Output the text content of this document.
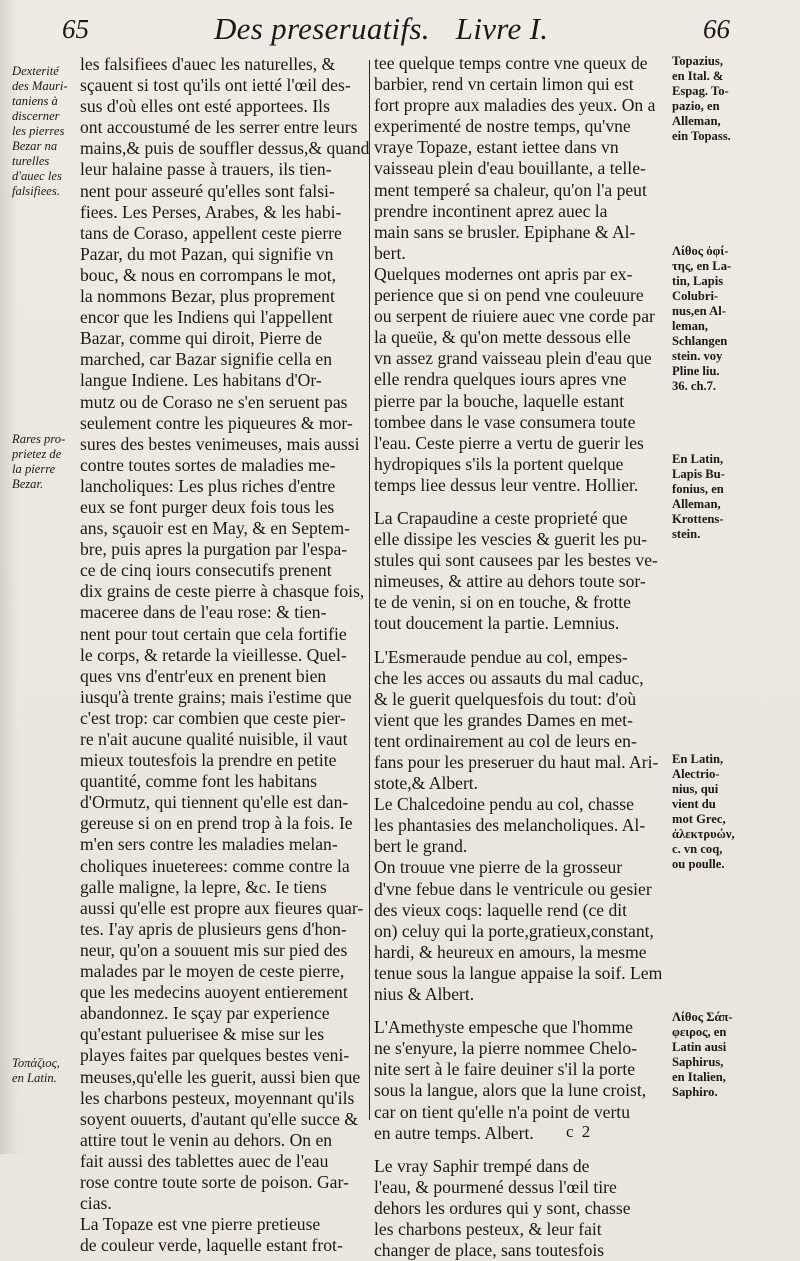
65	Des preseruatifs. Livre I.	66
Dexterité
des Mauri-
taniens à
discerner
les pierres
Bezar na
turelles
d'auec les
falsifiees.
Rares pro-
prietez de
la pierre
Bezar.
Τοπάζιος,
en Latin.
les falsifiees d'auec les naturelles, &
sçauent si tost qu'ils ont ietté l'œil des-
sus d'où elles ont esté apportees. Ils
ont accoustumé de les serrer entre leurs
mains,& puis de souffler dessus,& quand
leur halaine passe à trauers, ils tien-
nent pour asseuré qu'elles sont falsi-
fiees. Les Perses, Arabes, & les habi-
tans de Coraso, appellent ceste pierre
Pazar, du mot Pazan, qui signifie vn
bouc, & nous en corrompans le mot,
la nommons Bezar, plus proprement
encor que les Indiens qui l'appellent
Bazar, comme qui diroit, Pierre de
marched, car Bazar signifie cella en
langue Indiene. Les habitans d'Or-
mutz ou de Coraso ne s'en seruent pas
seulement contre les piqueures & mor-
sures des bestes venimeuses, mais aussi
contre toutes sortes de maladies me-
lancholiques: Les plus riches d'entre
eux se font purger deux fois tous les
ans, sçauoir est en May, & en Septem-
bre, puis apres la purgation par l'espa-
ce de cinq iours consecutifs prenent
dix grains de ceste pierre à chasque fois,
maceree dans de l'eau rose: & tien-
nent pour tout certain que cela fortifie
le corps, & retarde la vieillesse. Quel-
ques vns d'entr'eux en prenent bien
iusqu'à trente grains; mais i'estime que
c'est trop: car combien que ceste pier-
re n'ait aucune qualité nuisible, il vaut
mieux toutesfois la prendre en petite
quantité, comme font les habitans
d'Ormutz, qui tiennent qu'elle est dan-
gereuse si on en prend trop à la fois. Ie
m'en sers contre les maladies melan-
choliques inueterees: comme contre la
galle maligne, la lepre, &c. Ie tiens
aussi qu'elle est propre aux fieures quar-
tes. I'ay apris de plusieurs gens d'hon-
neur, qu'on a souuent mis sur pied des
malades par le moyen de ceste pierre,
que les medecins auoyent entierement
abandonnez. Ie sçay par experience
qu'estant puluerisee & mise sur les
playes faites par quelques bestes veni-
meuses,qu'elle les guerit, aussi bien que
les charbons pesteux, moyennant qu'ils
soyent ouuerts, d'autant qu'elle succe &
attire tout le venin au dehors. On en
fait aussi des tablettes auec de l'eau
rose contre toute sorte de poison. Gar-
cias.
La Topaze est vne pierre pretieuse
de couleur verde, laquelle estant frot-
tee quelque temps contre vne queux de
barbier, rend vn certain limon qui est
fort propre aux maladies des yeux. On a
experimenté de nostre temps, qu'vne
vraye Topaze, estant iettee dans vn
vaisseau plein d'eau bouillante, a telle-
ment temperé sa chaleur, qu'on l'a peut
prendre incontinent aprez auec la
main sans se brusler. Epiphane & Al-
bert.
Quelques modernes ont apris par ex-
perience que si on pend vne couleuure
ou serpent de riuiere auec vne corde par
la queüe, & qu'on mette dessous elle
vn assez grand vaisseau plein d'eau que
elle rendra quelques iours apres vne
pierre par la bouche, laquelle estant
tombee dans le vase consumera toute
l'eau. Ceste pierre a vertu de guerir les
hydropiques s'ils la portent quelque
temps liee dessus leur ventre. Hollier.
La Crapaudine a ceste proprieté que
elle dissipe les vescies & guerit les pu-
stules qui sont causees par les bestes ve-
nimeuses, & attire au dehors toute sor-
te de venin, si on en touche, & frotte
tout doucement la partie. Lemnius.
L'Esmeraude pendue au col, empes-
che les acces ou assauts du mal caduc,
& le guerit quelquesfois du tout: d'où
vient que les grandes Dames en met-
tent ordinairement au col de leurs en-
fans pour les preseruer du haut mal. Ari-
stote,& Albert.
Le Chalcedoine pendu au col, chasse
les phantasies des melancholiques. Al-
bert le grand.
On trouue vne pierre de la grosseur
d'vne febue dans le ventricule ou gesier
des vieux coqs: laquelle rend (ce dit
on) celuy qui la porte,gratieux,constant,
hardi, & heureux en amours, la mesme
tenue sous la langue appaise la soif. Lem
nius & Albert.
L'Amethyste empesche que l'homme
ne s'enyure, la pierre nommee Chelo-
nite sert à le faire deuiner s'il la porte
sous la langue, alors que la lune croist,
car on tient qu'elle n'a point de vertu
en autre temps. Albert.
Le vray Saphir trempé dans de
l'eau, & pourmené dessus l'œil tire
dehors les ordures qui y sont, chasse
les charbons pesteux, & leur fait
changer de place, sans toutesfois
Topazius,
en Ital. &
Espag. To-
pazio, en
Alleman,
ein Topass.
Λίθος ὀφί-
της, en La-
tin, Lapis
Colubri-
nus,en Al-
leman,
Schlangen
stein. voy
Pline liu.
36. ch.7.
En Latin,
Lapis Bu-
fonius, en
Alleman,
Krottens-
stein.
En Latin,
Alectrio-
nius, qui
vient du
mot Grec,
ἀλεκτρυών,
c. vn coq,
ou poulle.
Λίθος Σάπ-
φειρος, en
Latin ausi
Saphirus,
en Italien,
Saphiro.
c 2
